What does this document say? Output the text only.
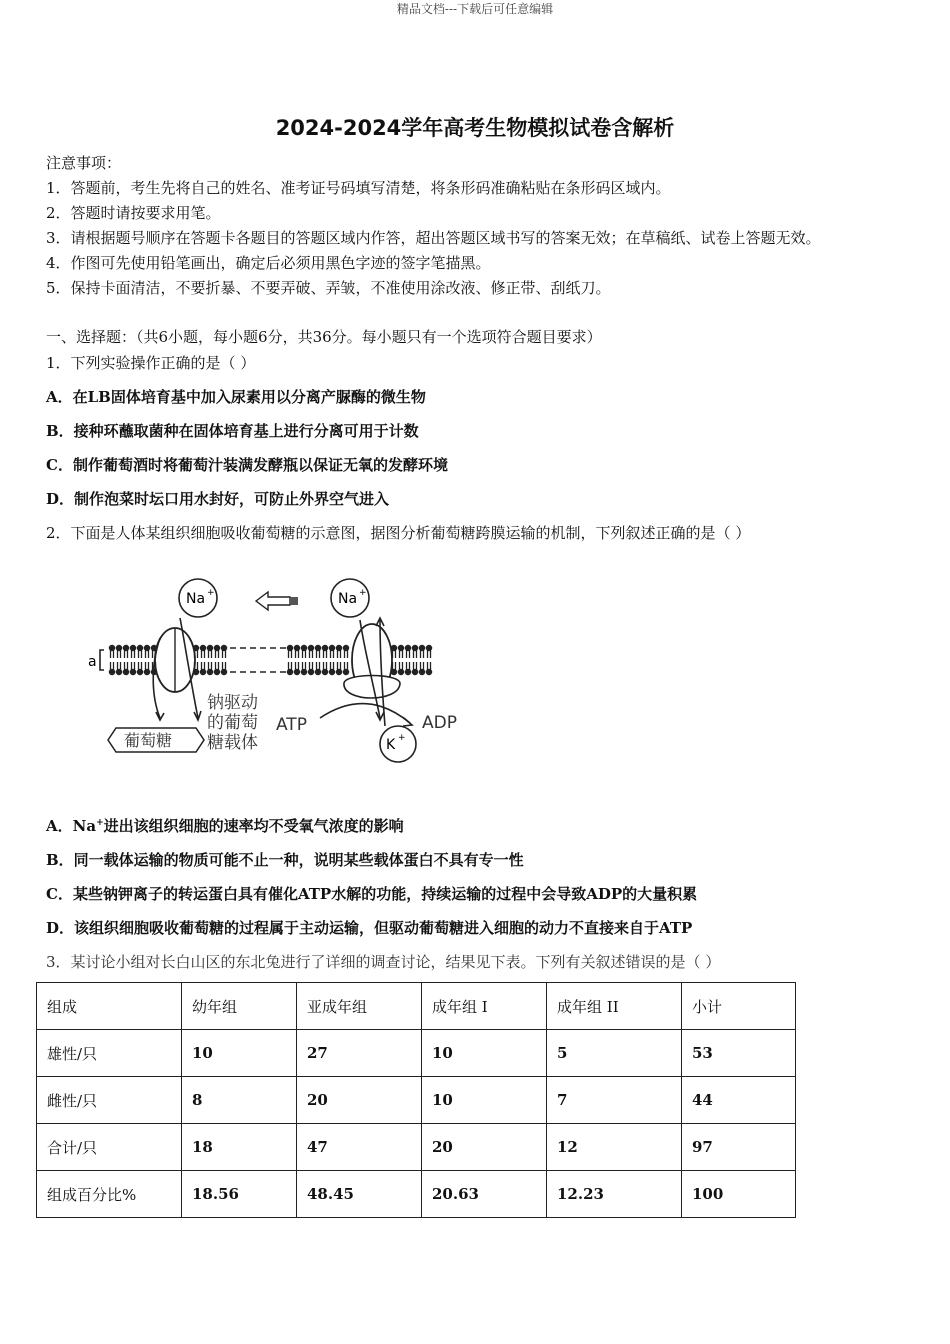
精品文档---下载后可任意编辑
2024-2024学年高考生物模拟试卷含解析
注意事项：
1．答题前，考生先将自己的姓名、准考证号码填写清楚，将条形码准确粘贴在条形码区域内。
2．答题时请按要求用笔。
3．请根据题号顺序在答题卡各题目的答题区域内作答，超出答题区域书写的答案无效；在草稿纸、试卷上答题无效。
4．作图可先使用铅笔画出，确定后必须用黑色字迹的签字笔描黑。
5．保持卡面清洁，不要折暴、不要弄破、弄皱，不准使用涂改液、修正带、刮纸刀。
一、选择题：（共6小题，每小题6分，共36分。每小题只有一个选项符合题目要求）
1．下列实验操作正确的是（ ）
A．在LB固体培育基中加入尿素用以分离产脲酶的微生物
B．接种环蘸取菌种在固体培育基上进行分离可用于计数
C．制作葡萄酒时将葡萄汁装满发酵瓶以保证无氧的发酵环境
D．制作泡菜时坛口用水封好，可防止外界空气进入
2．下面是人体某组织细胞吸收葡萄糖的示意图，据图分析葡萄糖跨膜运输的机制，下列叙述正确的是（ ）
Na +	Na +
K +
a
钠驱动
的葡萄
糖载体
ATP	ADP
葡萄糖
A．Na+进出该组织细胞的速率均不受氧气浓度的影响
B．同一载体运输的物质可能不止一种，说明某些载体蛋白不具有专一性
C．某些钠钾离子的转运蛋白具有催化ATP水解的功能，持续运输的过程中会导致ADP的大量积累
D．该组织细胞吸收葡萄糖的过程属于主动运输，但驱动葡萄糖进入细胞的动力不直接来自于ATP
3．某讨论小组对长白山区的东北兔进行了详细的调查讨论，结果见下表。下列有关叙述错误的是（ ）
组成	幼年组	亚成年组	成年组 I	成年组 II	小计
雄性/只	10	27	10	5	53
雌性/只	8	20	10	7	44
合计/只	18	47	20	12	97
组成百分比%	18.56	48.45	20.63	12.23	100
